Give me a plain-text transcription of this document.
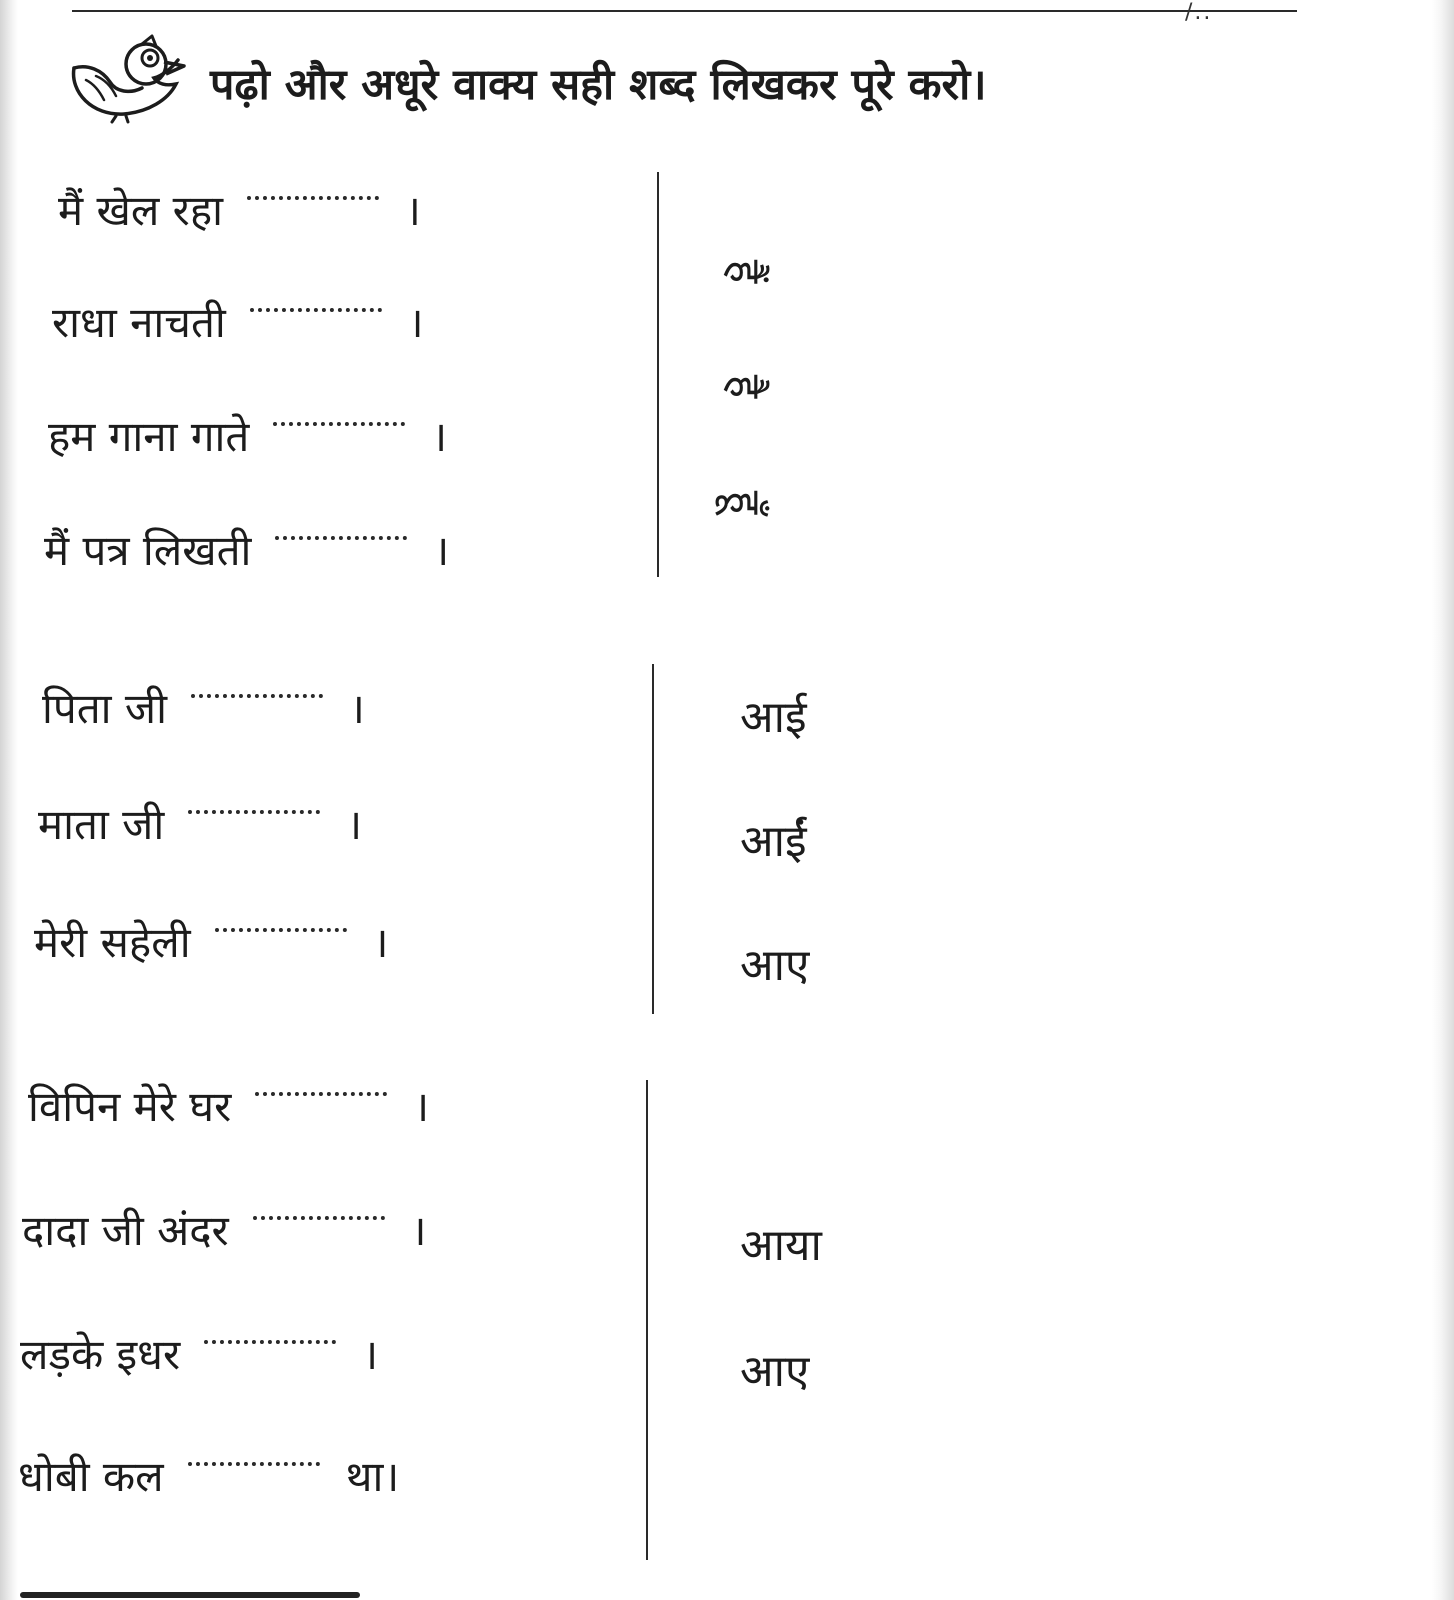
/..

पढ़ो और अधूरे वाक्य सही शब्द लिखकर पूरे करो।

मैं खेल रहा	।
राधा नाचती	।
हम गाना गाते	।
मैं पत्र लिखती	।
हैं
है
हूँ
पिता जी	।
माता जी	।
मेरी सहेली	।
आई
आईं
आए
विपिन मेरे घर	।
दादा जी अंदर	।
लड़के इधर	।
धोबी कल	था।
आया
आए
